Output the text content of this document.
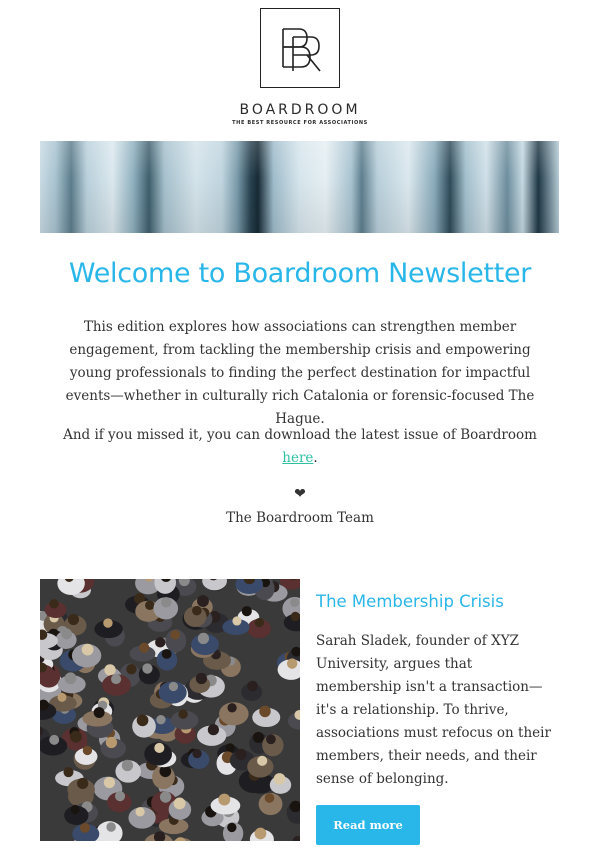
BOARDROOM
THE BEST RESOURCE FOR ASSOCIATIONS
Welcome to Boardroom Newsletter

This edition explores how associations can strengthen member engagement, from tackling the membership crisis and empowering young professionals to finding the perfect destination for impactful events—whether in culturally rich Catalonia or forensic-focused The Hague.

And if you missed it, you can download the latest issue of Boardroom
here.

❤
The Boardroom Team
The Membership Crisis

Sarah Sladek, founder of XYZ University, argues that membership isn't a transaction—it's a relationship. To thrive, associations must refocus on their members, their needs, and their sense of belonging.

Read more
